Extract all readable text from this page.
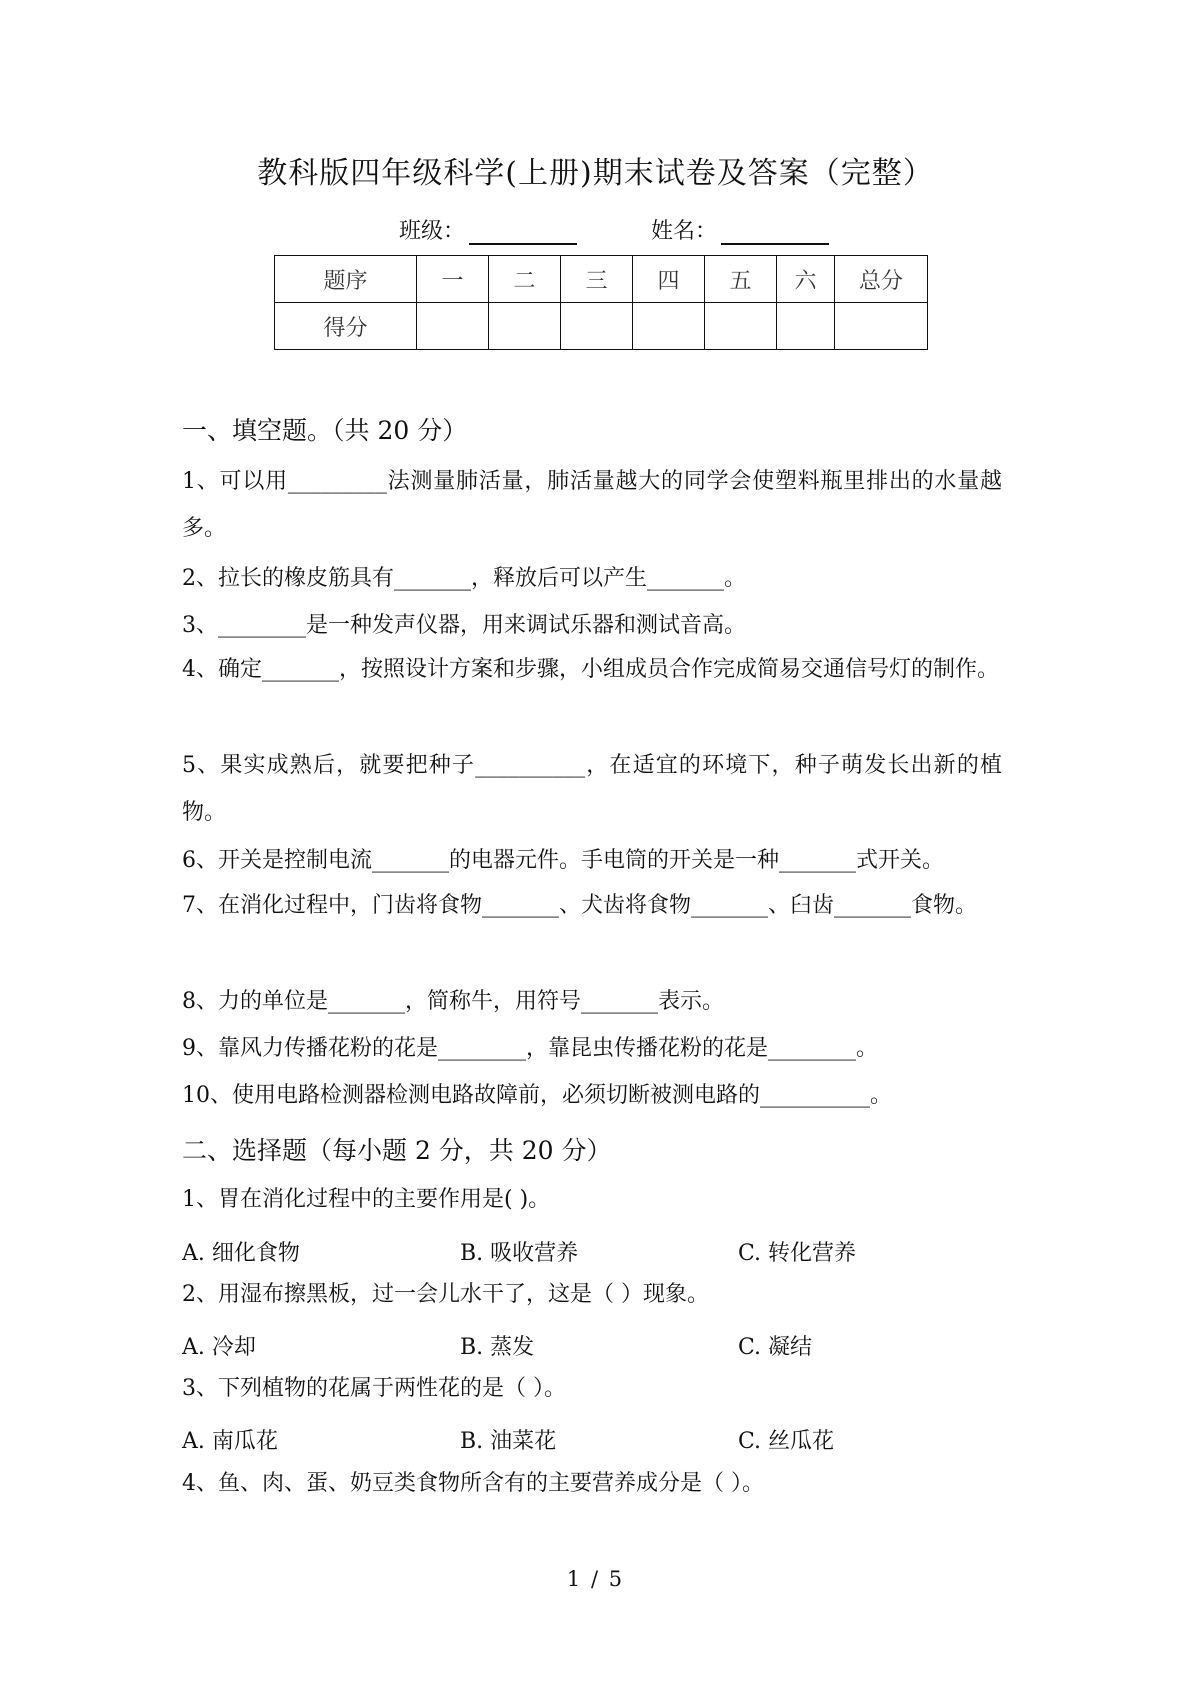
教科版四年级科学(上册)期末试卷及答案（完整）
班级：	姓名：
题序	一	二	三	四	五	六	总分
得分							
一、填空题。（共 20 分）
1、可以用_________法测量肺活量，肺活量越大的同学会使塑料瓶里排出的水量越多。
2、拉长的橡皮筋具有_______，释放后可以产生_______。
3、________是一种发声仪器，用来调试乐器和测试音高。
4、确定_______，按照设计方案和步骤，小组成员合作完成简易交通信号灯的制作。
5、果实成熟后，就要把种子__________，在适宜的环境下，种子萌发长出新的植物。
6、开关是控制电流_______的电器元件。手电筒的开关是一种_______式开关。
7、在消化过程中，门齿将食物_______、犬齿将食物_______、臼齿_______食物。
8、力的单位是_______，简称牛，用符号_______表示。
9、靠风力传播花粉的花是________，靠昆虫传播花粉的花是________。
10、使用电路检测器检测电路故障前，必须切断被测电路的__________。
二、选择题（每小题 2 分，共 20 分）
1、胃在消化过程中的主要作用是( )。
A. 细化食物	B. 吸收营养	C. 转化营养
2、用湿布擦黑板，过一会儿水干了，这是（ ）现象。
A. 冷却	B. 蒸发	C. 凝结
3、下列植物的花属于两性花的是（ ）。
A. 南瓜花	B. 油菜花	C. 丝瓜花
4、鱼、肉、蛋、奶豆类食物所含有的主要营养成分是（ ）。
1 / 5
